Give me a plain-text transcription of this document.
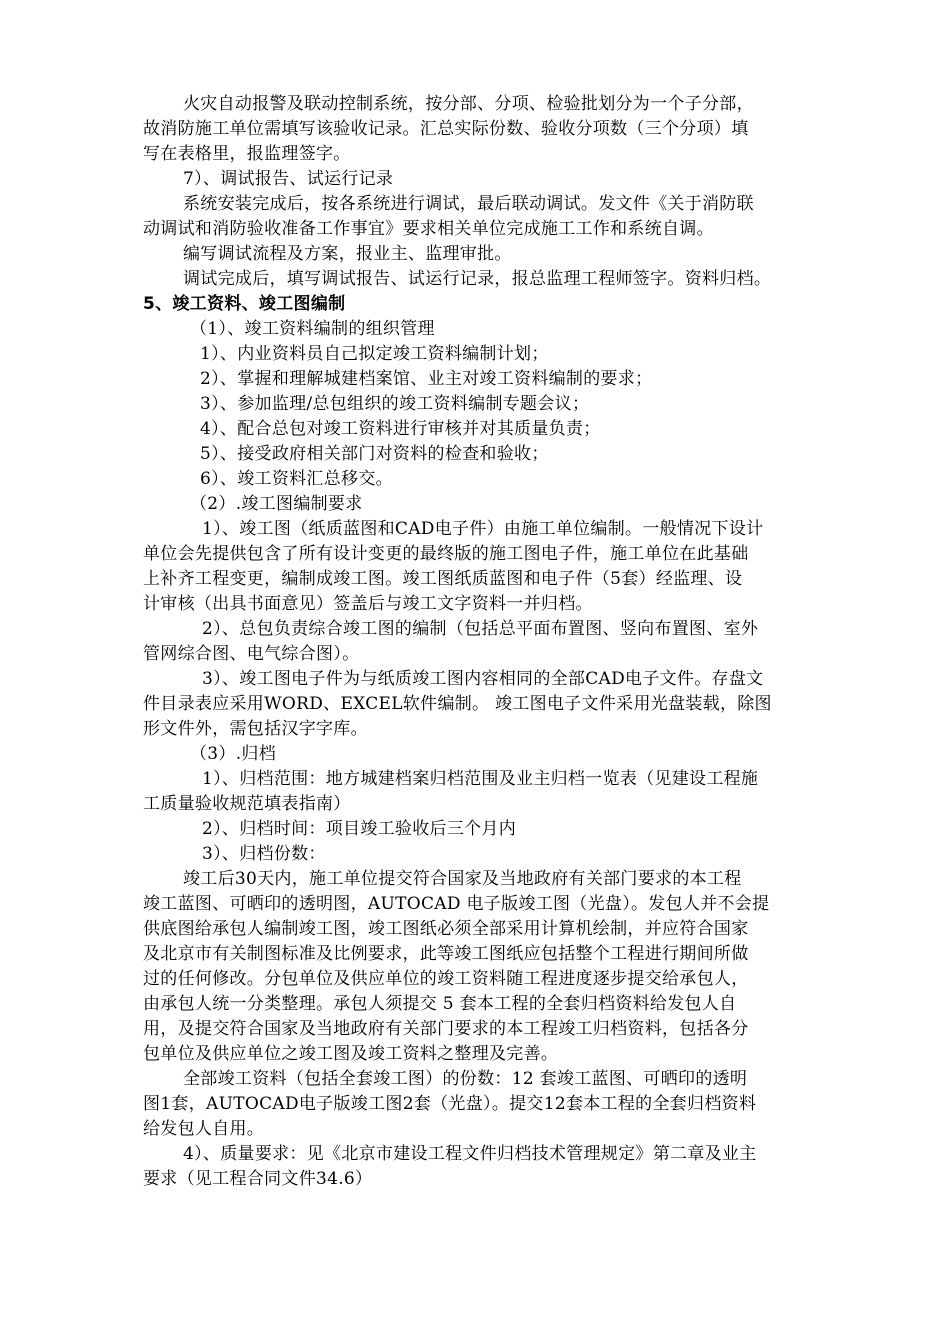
火灾自动报警及联动控制系统，按分部、分项、检验批划分为一个子分部，
故消防施工单位需填写该验收记录。汇总实际份数、验收分项数（三个分项）填
写在表格里，报监理签字。
7）、调试报告、试运行记录
系统安装完成后，按各系统进行调试，最后联动调试。发文件《关于消防联
动调试和消防验收准备工作事宜》要求相关单位完成施工工作和系统自调。
编写调试流程及方案，报业主、监理审批。
调试完成后，填写调试报告、试运行记录，报总监理工程师签字。资料归档。
5、竣工资料、竣工图编制
（1）、竣工资料编制的组织管理
1）、内业资料员自己拟定竣工资料编制计划；
2）、掌握和理解城建档案馆、业主对竣工资料编制的要求；
3）、参加监理/总包组织的竣工资料编制专题会议；
4）、配合总包对竣工资料进行审核并对其质量负责；
5）、接受政府相关部门对资料的检查和验收；
6）、竣工资料汇总移交。
（2）.竣工图编制要求
1）、竣工图（纸质蓝图和CAD电子件）由施工单位编制。一般情况下设计
单位会先提供包含了所有设计变更的最终版的施工图电子件，施工单位在此基础
上补齐工程变更，编制成竣工图。竣工图纸质蓝图和电子件（5套）经监理、设
计审核（出具书面意见）签盖后与竣工文字资料一并归档。
2）、总包负责综合竣工图的编制（包括总平面布置图、竖向布置图、室外
管网综合图、电气综合图）。
3）、竣工图电子件为与纸质竣工图内容相同的全部CAD电子文件。存盘文
件目录表应采用WORD、EXCEL软件编制。 竣工图电子文件采用光盘装载，除图
形文件外，需包括汉字字库。
（3）.归档
1）、归档范围：地方城建档案归档范围及业主归档一览表（见建设工程施
工质量验收规范填表指南）
2）、归档时间：项目竣工验收后三个月内
3）、归档份数：
竣工后30天内，施工单位提交符合国家及当地政府有关部门要求的本工程
竣工蓝图、可晒印的透明图，AUTOCAD 电子版竣工图（光盘）。发包人并不会提
供底图给承包人编制竣工图，竣工图纸必须全部采用计算机绘制，并应符合国家
及北京市有关制图标准及比例要求，此等竣工图纸应包括整个工程进行期间所做
过的任何修改。分包单位及供应单位的竣工资料随工程进度逐步提交给承包人，
由承包人统一分类整理。承包人须提交 5 套本工程的全套归档资料给发包人自
用，及提交符合国家及当地政府有关部门要求的本工程竣工归档资料，包括各分
包单位及供应单位之竣工图及竣工资料之整理及完善。
全部竣工资料（包括全套竣工图）的份数：12 套竣工蓝图、可晒印的透明
图1套，AUTOCAD电子版竣工图2套（光盘）。提交12套本工程的全套归档资料
给发包人自用。
4）、质量要求：见《北京市建设工程文件归档技术管理规定》第二章及业主
要求（见工程合同文件34.6）
